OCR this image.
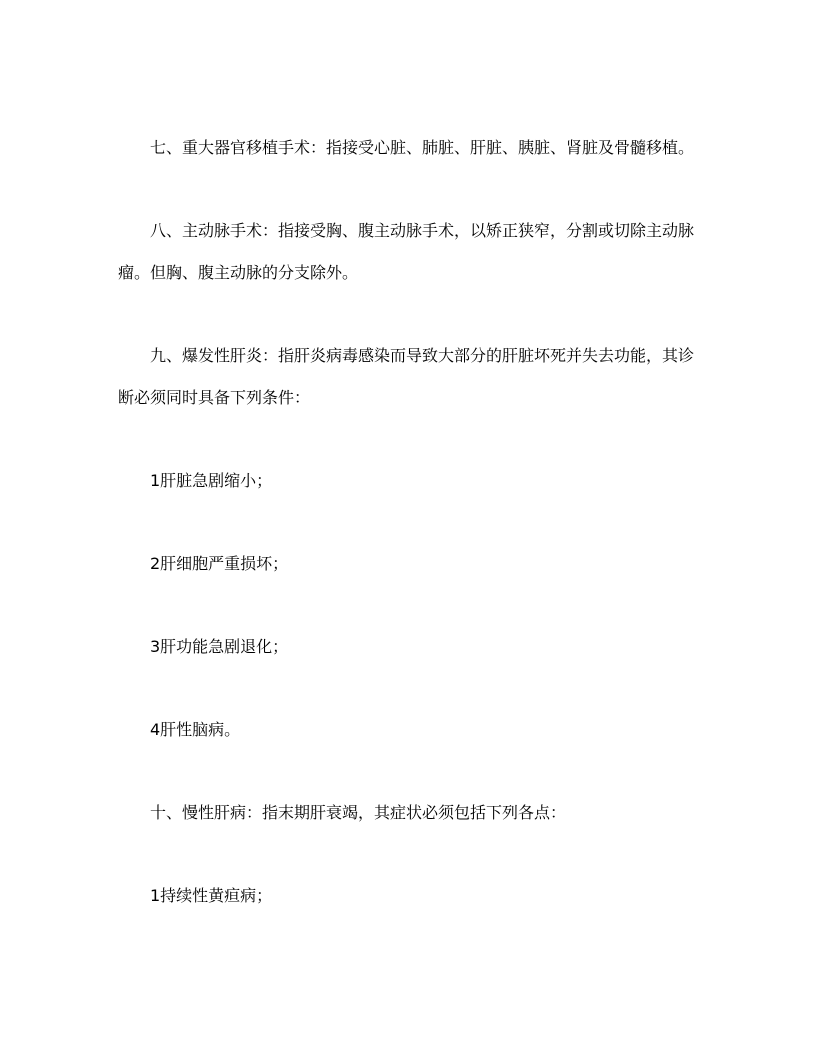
七、重大器官移植手术：指接受心脏、肺脏、肝脏、胰脏、肾脏及骨髓移植。
八、主动脉手术：指接受胸、腹主动脉手术，以矫正狭窄，分割或切除主动脉
瘤。但胸、腹主动脉的分支除外。
九、爆发性肝炎：指肝炎病毒感染而导致大部分的肝脏坏死并失去功能，其诊
断必须同时具备下列条件：
1肝脏急剧缩小；
2肝细胞严重损坏；
3肝功能急剧退化；
4肝性脑病。
十、慢性肝病：指末期肝衰竭，其症状必须包括下列各点：
1持续性黄疸病；
